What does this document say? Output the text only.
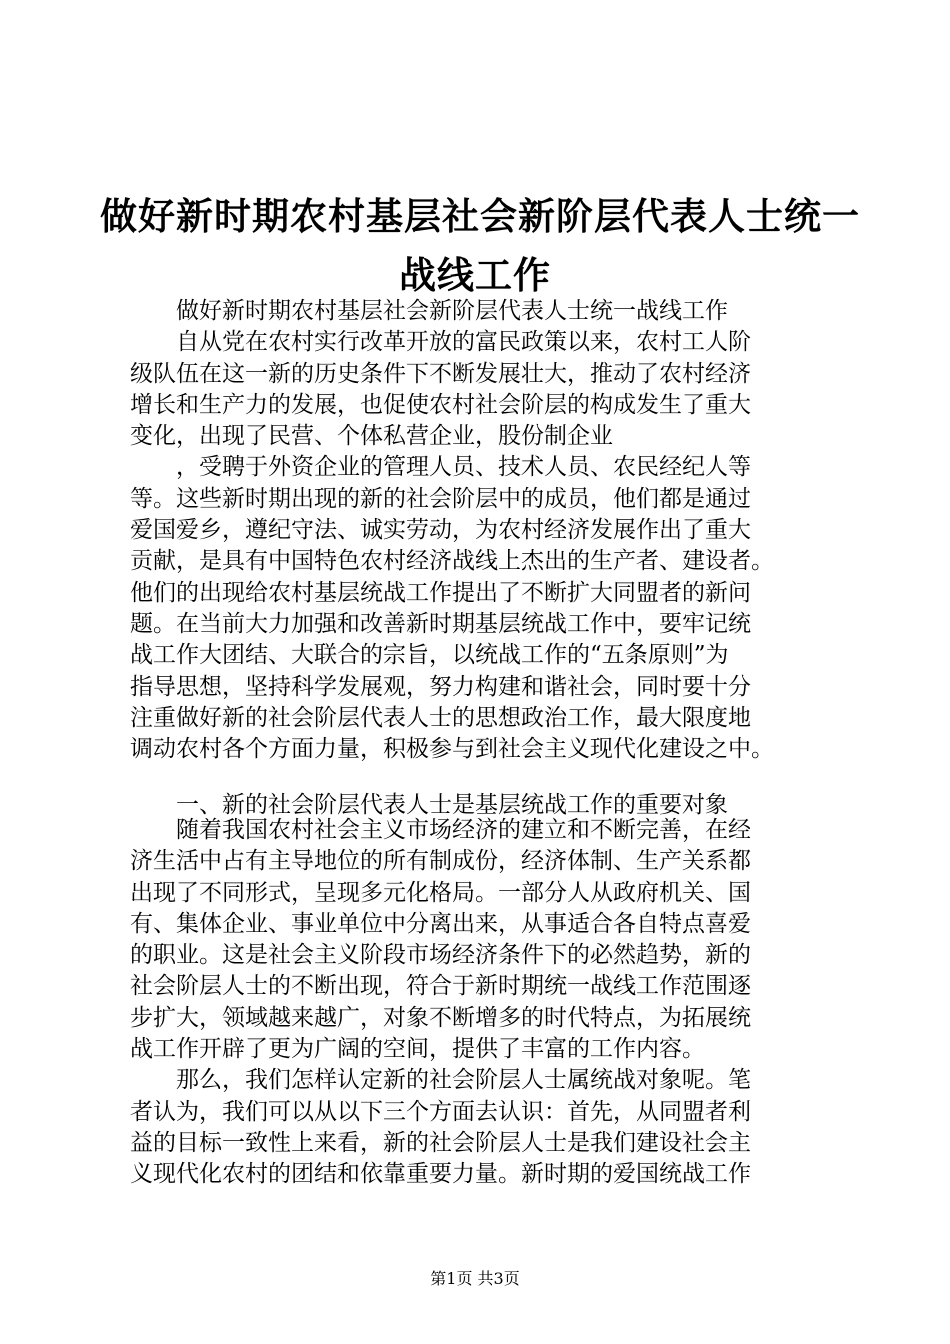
做好新时期农村基层社会新阶层代表人士统一
战线工作
做好新时期农村基层社会新阶层代表人士统一战线工作
自从党在农村实行改革开放的富民政策以来，农村工人阶
级队伍在这一新的历史条件下不断发展壮大，推动了农村经济
增长和生产力的发展，也促使农村社会阶层的构成发生了重大
变化，出现了民营、个体私营企业，股份制企业
，受聘于外资企业的管理人员、技术人员、农民经纪人等
等。这些新时期出现的新的社会阶层中的成员，他们都是通过
爱国爱乡，遵纪守法、诚实劳动，为农村经济发展作出了重大
贡献，是具有中国特色农村经济战线上杰出的生产者、建设者。
他们的出现给农村基层统战工作提出了不断扩大同盟者的新问
题。在当前大力加强和改善新时期基层统战工作中，要牢记统
战工作大团结、大联合的宗旨，以统战工作的“五条原则”为
指导思想，坚持科学发展观，努力构建和谐社会，同时要十分
注重做好新的社会阶层代表人士的思想政治工作，最大限度地
调动农村各个方面力量，积极参与到社会主义现代化建设之中。
一、新的社会阶层代表人士是基层统战工作的重要对象
随着我国农村社会主义市场经济的建立和不断完善，在经
济生活中占有主导地位的所有制成份，经济体制、生产关系都
出现了不同形式，呈现多元化格局。一部分人从政府机关、国
有、集体企业、事业单位中分离出来，从事适合各自特点喜爱
的职业。这是社会主义阶段市场经济条件下的必然趋势，新的
社会阶层人士的不断出现，符合于新时期统一战线工作范围逐
步扩大，领域越来越广，对象不断增多的时代特点，为拓展统
战工作开辟了更为广阔的空间，提供了丰富的工作内容。
那么，我们怎样认定新的社会阶层人士属统战对象呢。笔
者认为，我们可以从以下三个方面去认识：首先，从同盟者利
益的目标一致性上来看，新的社会阶层人士是我们建设社会主
义现代化农村的团结和依靠重要力量。新时期的爱国统战工作
第1页 共3页
